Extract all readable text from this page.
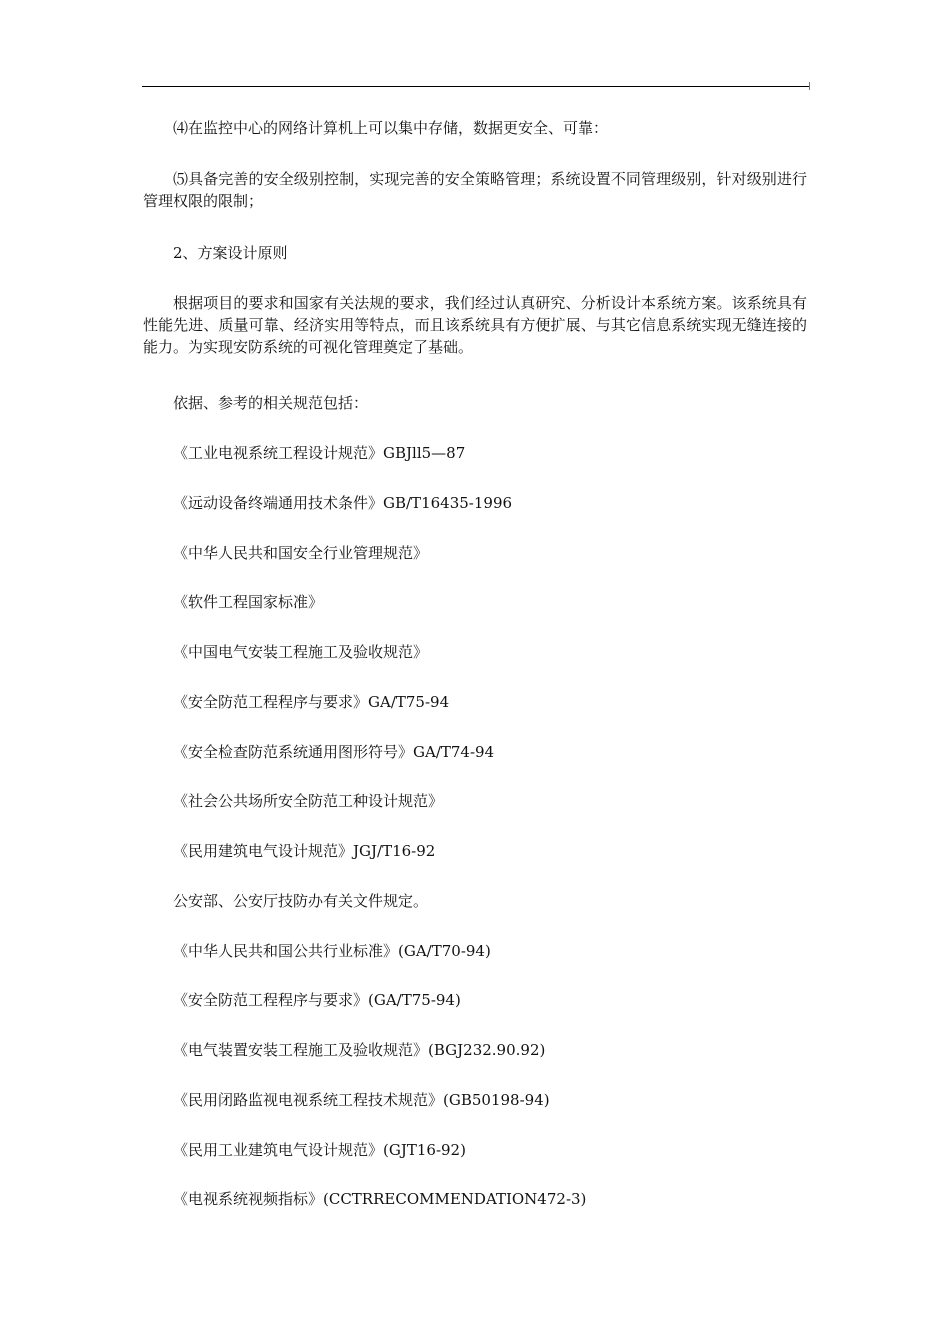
⑷在监控中心的网络计算机上可以集中存储，数据更安全、可靠：

⑸具备完善的安全级别控制，实现完善的安全策略管理；系统设置不同管理级别，针对级别进行管理权限的限制；

2、方案设计原则

根据项目的要求和国家有关法规的要求，我们经过认真研究、分析设计本系统方案。该系统具有性能先进、质量可靠、经济实用等特点，而且该系统具有方便扩展、与其它信息系统实现无缝连接的能力。为实现安防系统的可视化管理奠定了基础。

依据、参考的相关规范包括：

《工业电视系统工程设计规范》GBJll5—87

《远动设备终端通用技术条件》GB/T16435-1996

《中华人民共和国安全行业管理规范》

《软件工程国家标准》

《中国电气安装工程施工及验收规范》

《安全防范工程程序与要求》GA/T75-94

《安全检查防范系统通用图形符号》GA/T74-94

《社会公共场所安全防范工种设计规范》

《民用建筑电气设计规范》JGJ/T16-92

公安部、公安厅技防办有关文件规定。

《中华人民共和国公共行业标准》(GA/T70-94)

《安全防范工程程序与要求》(GA/T75-94)

《电气装置安装工程施工及验收规范》(BGJ232.90.92)

《民用闭路监视电视系统工程技术规范》(GB50198-94)

《民用工业建筑电气设计规范》(GJT16-92)

《电视系统视频指标》(CCTRRECOMMENDATION472-3)
